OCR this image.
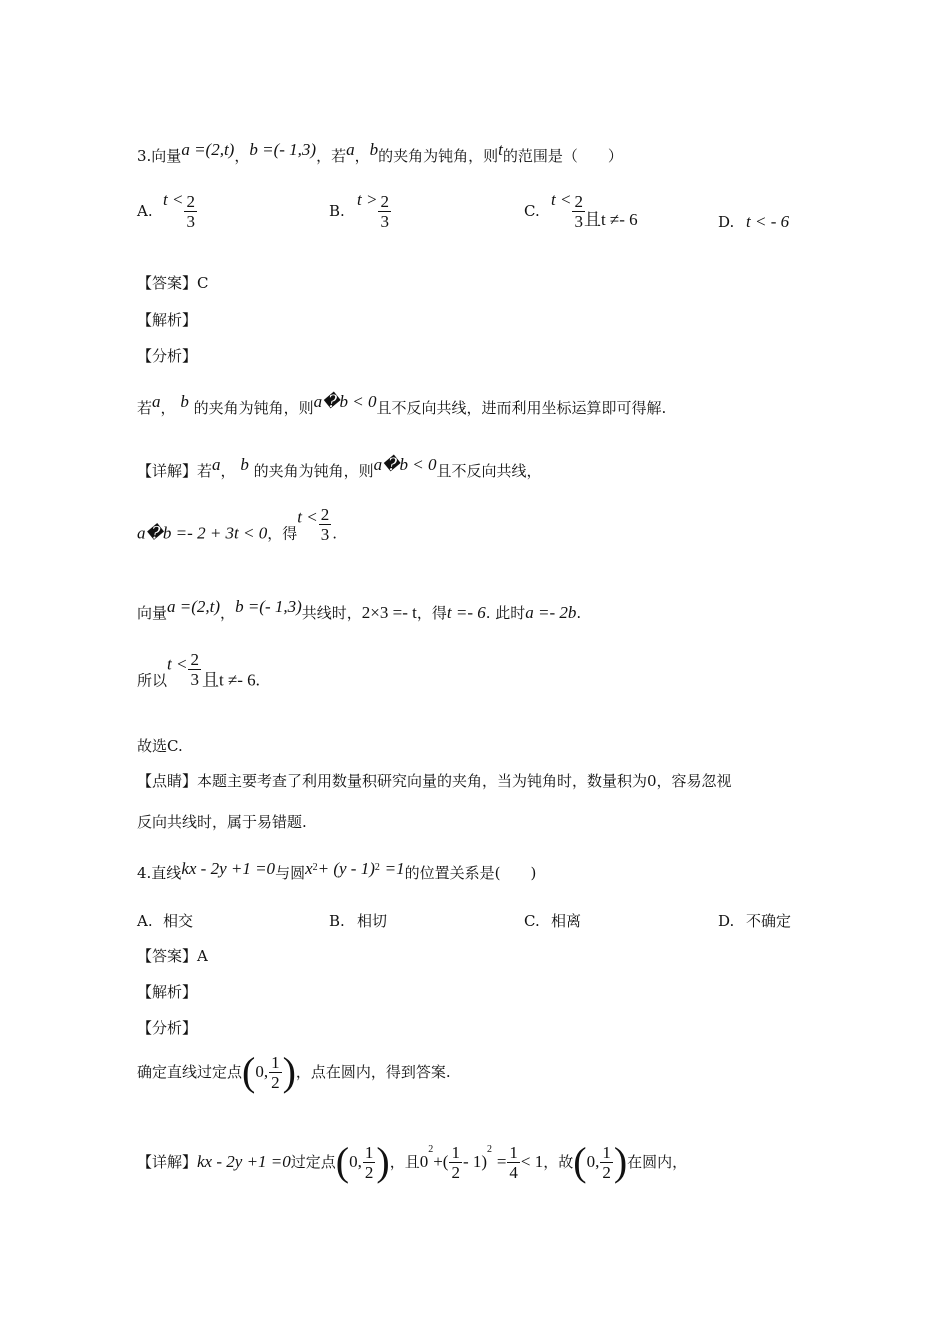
3.向量a =(2,t)，b =(- 1,3)，若a，b的夹角为钝角，则t的范围是（　　）
$A.t < \frac{2}{3}$	$B.t > \frac{2}{3}$	$C.t < \frac{2}{3}$且t ≠- 6	D. t < - 6
【答案】C
【解析】
【分析】
若a， b 的夹角为钝角，则a�b < 0且不反向共线，进而利用坐标运算即可得解.
【详解】若a， b 的夹角为钝角，则a�b < 0且不反向共线，
a�b =- 2 + 3t < 0，得$t < \frac{2}{3}$ .
向量a =(2,t)，b =(- 1,3)共线时，2×3 =- t，得t =- 6. 此时a =- 2b.
所以$t < \frac{2}{3}$ 且t ≠- 6.
故选C.
【点睛】本题主要考查了利用数量积研究向量的夹角，当为钝角时，数量积为0，容易忽视
反向共线时，属于易错题.
4.直线kx - 2y +1 =0与圆$x^2+ (y - 1)^2 =1$的位置关系是(　　)
A. 相交	B. 相切	C. 相离	D. 不确定
【答案】A
【解析】
【分析】
确定直线过定点(0, $\frac{1}{2}$ )，点在圆内，得到答案.
【详解】kx - 2y +1 =0过定点(0, $\frac{1}{2}$ )，且$0^2+( \frac{1}{2} - 1)^2 = \frac{1}{4} < 1$，故(0, $\frac{1}{2}$ )在圆内，
